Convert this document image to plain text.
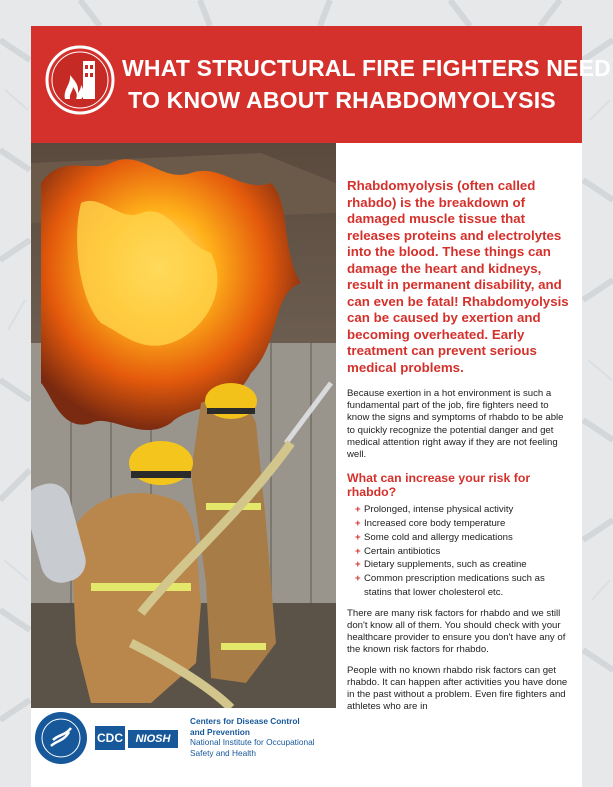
WHAT STRUCTURAL FIRE FIGHTERS NEED
TO KNOW ABOUT RHABDOMYOLYSIS

Rhabdomyolysis (often called rhabdo) is the breakdown of damaged muscle tissue that releases proteins and electrolytes into the blood. These things can damage the heart and kidneys, result in permanent disability, and can even be fatal! Rhabdomyolysis can be caused by exertion and becoming overheated. Early treatment can prevent serious medical problems.

Because exertion in a hot environment is such a fundamental part of the job, fire fighters need to know the signs and symptoms of rhabdo to be able to quickly recognize the potential danger and get medical attention right away if they are not feeling well.

What can increase your risk for rhabdo?
+ Prolonged, intense physical activity
+ Increased core body temperature
+ Some cold and allergy medications
+ Certain antibiotics
+ Dietary supplements, such as creatine
+ Common prescription medications such as statins that lower cholesterol etc.

There are many risk factors for rhabdo and we still don't know all of them. You should check with your healthcare provider to ensure you don't have any of the known risk factors for rhabdo.

People with no known rhabdo risk factors can get rhabdo. It can happen after activities you have done in the past without a problem. Even fire fighters and athletes who are in

CDC	NIOSH
Centers for Disease Control
and Prevention
National Institute for Occupational
Safety and Health
